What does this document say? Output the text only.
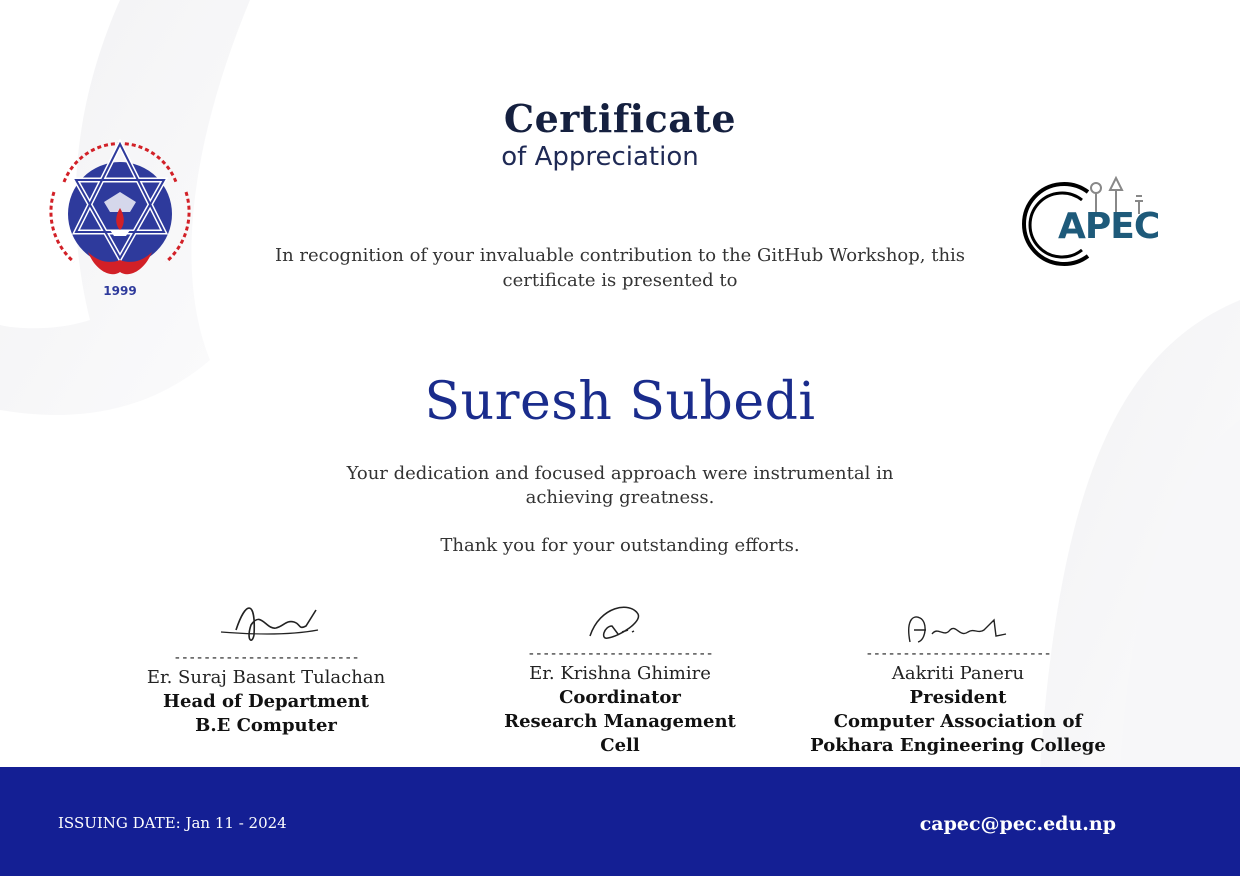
1999
APEC
Certificate
of Appreciation
In recognition of your invaluable contribution to the GitHub Workshop, this certificate is presented to
Suresh Subedi
Your dedication and focused approach were instrumental in achieving greatness.
Thank you for your outstanding efforts.
-------------------------
Er. Suraj Basant Tulachan
Head of Department
B.E Computer
-------------------------
Er. Krishna Ghimire
Coordinator
Research Management
Cell
-------------------------
Aakriti Paneru
President
Computer Association of
Pokhara Engineering College
ISSUING DATE: Jan 11 - 2024	capec@pec.edu.np
